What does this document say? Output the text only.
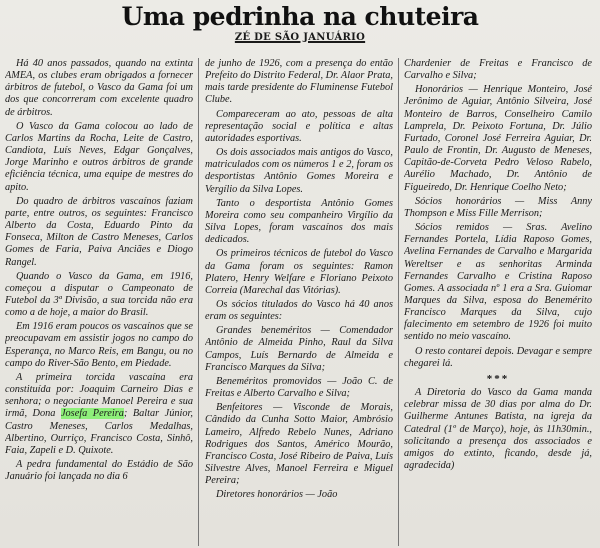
Uma pedrinha na chuteira
ZÉ DE SÃO JANUÁRIO

Há 40 anos passados, quando na extinta AMEA, os clubes eram obrigados a fornecer árbitros de futebol, o Vasco da Gama foi um dos que concorreram com excelente quadro de árbitros.

O Vasco da Gama colocou ao lado de Carlos Martins da Rocha, Leite de Castro, Candiota, Luís Neves, Edgar Gonçalves, Jorge Marinho e outros árbitros de grande eficiência técnica, uma equipe de mestres do apito.

Do quadro de árbitros vascaínos faziam parte, entre outros, os seguintes: Francisco Alberto da Costa, Eduardo Pinto da Fonseca, Milton de Castro Meneses, Carlos Gomes de Faria, Paiva Anciães e Diogo Rangel.

Quando o Vasco da Gama, em 1916, começou a disputar o Campeonato de Futebol da 3ª Divisão, a sua torcida não era como a de hoje, a maior do Brasil.

Em 1916 eram poucos os vascaínos que se preocupavam em assistir jogos no campo do Esperança, no Marco Reis, em Bangu, ou no campo do River-São Bento, em Piedade.

A primeira torcida vascaína era constituída por: Joaquim Carneiro Dias e senhora; o negociante Manoel Pereira e sua irmã, Dona Josefa Pereira; Baltar Júnior, Castro Meneses, Carlos Medalhas, Albertino, Ourriço, Francisco Costa, Sinhô, Faia, Zapeli e D. Quixote.

A pedra fundamental do Estádio de São Januário foi lançada no dia 6

de junho de 1926, com a presença do então Prefeito do Distrito Federal, Dr. Alaor Prata, mais tarde presidente do Fluminense Futebol Clube.

Compareceram ao ato, pessoas de alta representação social e política e altas autoridades esportivas.

Os dois associados mais antigos do Vasco, matriculados com os números 1 e 2, foram os desportistas Antônio Gomes Moreira e Vergílio da Silva Lopes.

Tanto o desportista Antônio Gomes Moreira como seu companheiro Virgílio da Silva Lopes, foram vascaínos dos mais dedicados.

Os primeiros técnicos de futebol do Vasco da Gama foram os seguintes: Ramon Platero, Henry Welfare e Floriano Peixoto Correia (Marechal das Vitórias).

Os sócios titulados do Vasco há 40 anos eram os seguintes:

Grandes beneméritos — Comendador Antônio de Almeida Pinho, Raul da Silva Campos, Luís Bernardo de Almeida e Francisco Marques da Silva;

Beneméritos promovidos — João C. de Freitas e Alberto Carvalho e Silva;

Benfeitores — Visconde de Morais, Cândido da Cunha Sotto Maior, Ambrósio Lameiro, Alfredo Rebelo Nunes, Adriano Rodrigues dos Santos, Américo Mourão, Francisco Costa, José Ribeiro de Paiva, Luís Silvestre Alves, Manoel Ferreira e Miguel Pereira;

Diretores honorários — João

Chardenier de Freitas e Francisco de Carvalho e Silva;

Honorários — Henrique Monteiro, José Jerônimo de Aguiar, Antônio Silveira, José Monteiro de Barros, Conselheiro Camilo Lamprela, Dr. Peixoto Fortuna, Dr. Júlio Furtado, Coronel José Ferreira Aguiar, Dr. Paulo de Frontin, Dr. Augusto de Meneses, Capitão-de-Corveta Pedro Veloso Rabelo, Aurélio Machado, Dr. Antônio de Figueiredo, Dr. Henrique Coelho Neto;

Sócios honorários — Miss Anny Thompson e Miss Fille Merrison;

Sócios remidos — Sras. Avelino Fernandes Portela, Lídia Raposo Gomes, Avelina Fernandes de Carvalho e Margarida Wereltser e as senhoritas Arminda Fernandes Carvalho e Cristina Raposo Gomes. A associada nº 1 era a Sra. Guiomar Marques da Silva, esposa do Benemérito Francisco Marques da Silva, cujo falecimento em setembro de 1926 foi muito sentido no meio vascaíno.

O resto contarei depois. Devagar e sempre chegarei lá.

***

A Diretoria do Vasco da Gama manda celebrar missa de 30 dias por alma do Dr. Guilherme Antunes Batista, na igreja da Catedral (1º de Março), hoje, às 11h30min., solicitando a presença dos associados e amigos do extinto, ficando, desde já, agradecida)
